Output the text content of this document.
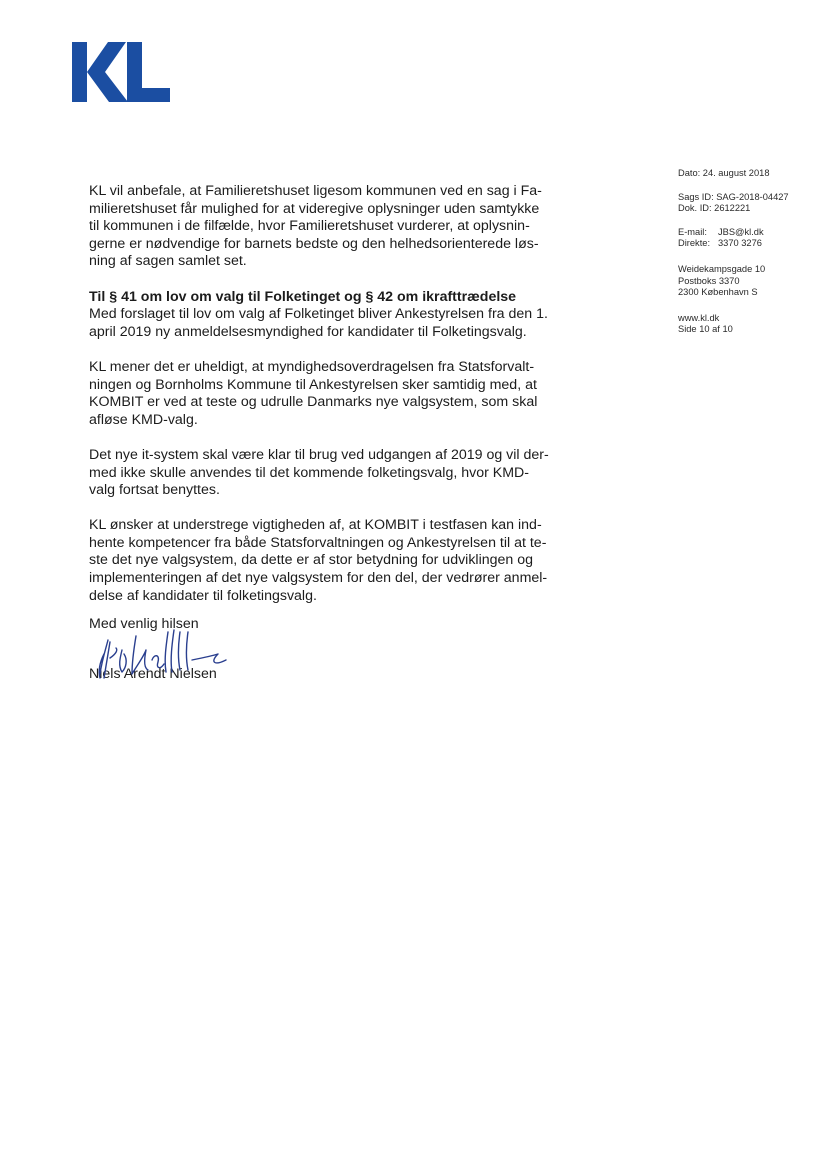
Dato: 24. august 2018
Sags ID: SAG-2018-04427
Dok. ID: 2612221
E-mail: JBS@kl.dk
Direkte: 3370 3276
Weidekampsgade 10
Postboks 3370
2300 København S
www.kl.dk
Side 10 af 10

KL vil anbefale, at Familieretshuset ligesom kommunen ved en sag i Fa-
milieretshuset får mulighed for at videregive oplysninger uden samtykke
til kommunen i de filfælde, hvor Familieretshuset vurderer, at oplysnin-
gerne er nødvendige for barnets bedste og den helhedsorienterede løs-
ning af sagen samlet set.

Til § 41 om lov om valg til Folketinget og § 42 om ikrafttrædelse
Med forslaget til lov om valg af Folketinget bliver Ankestyrelsen fra den 1.
april 2019 ny anmeldelsesmyndighed for kandidater til Folketingsvalg.

KL mener det er uheldigt, at myndighedsoverdragelsen fra Statsforvalt-
ningen og Bornholms Kommune til Ankestyrelsen sker samtidig med, at
KOMBIT er ved at teste og udrulle Danmarks nye valgsystem, som skal
afløse KMD-valg.

Det nye it-system skal være klar til brug ved udgangen af 2019 og vil der-
med ikke skulle anvendes til det kommende folketingsvalg, hvor KMD-
valg fortsat benyttes.

KL ønsker at understrege vigtigheden af, at KOMBIT i testfasen kan ind-
hente kompetencer fra både Statsforvaltningen og Ankestyrelsen til at te-
ste det nye valgsystem, da dette er af stor betydning for udviklingen og
implementeringen af det nye valgsystem for den del, der vedrører anmel-
delse af kandidater til folketingsvalg.

Med venlig hilsen
Niels Arendt Nielsen
